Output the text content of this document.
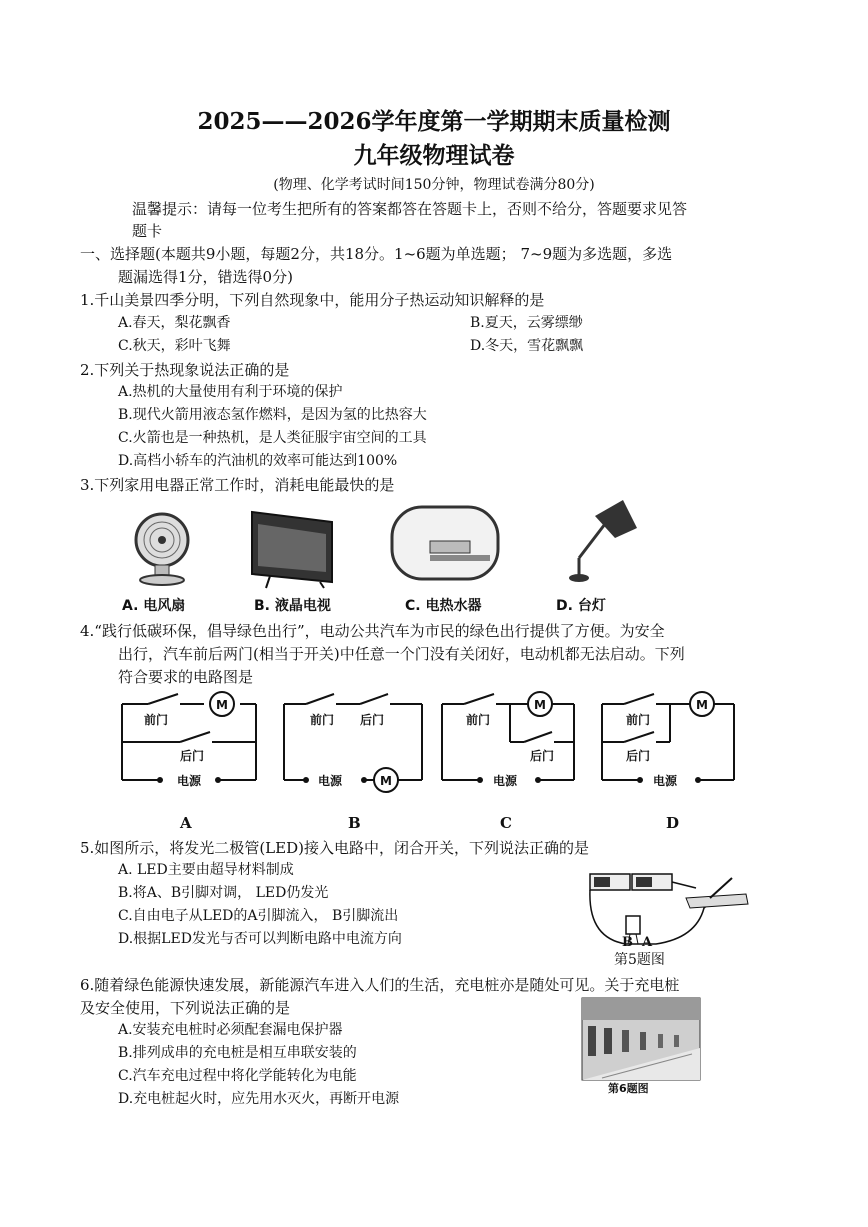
2025——2026学年度第一学期期末质量检测
九年级物理试卷
(物理、化学考试时间150分钟，物理试卷满分80分)
温馨提示：请每一位考生把所有的答案都答在答题卡上，否则不给分，答题要求见答
题卡
一、选择题(本题共9小题，每题2分，共18分。1~6题为单选题； 7~9题为多选题，多选
题漏选得1分，错选得0分)
1.千山美景四季分明，下列自然现象中，能用分子热运动知识解释的是
A.春天，梨花飘香	B.夏天，云雾缥缈
C.秋天，彩叶飞舞	D.冬天，雪花飘飘
2.下列关于热现象说法正确的是
A.热机的大量使用有利于环境的保护
B.现代火箭用液态氢作燃料，是因为氢的比热容大
C.火箭也是一种热机，是人类征服宇宙空间的工具
D.高档小轿车的汽油机的效率可能达到100%
3.下列家用电器正常工作时，消耗电能最快的是
A. 电风扇	B. 液晶电视	C. 电热水器	D. 台灯
4.“践行低碳环保，倡导绿色出行”，电动公共汽车为市民的绿色出行提供了方便。为安全
出行，汽车前后两门(相当于开关)中任意一个门没有关闭好，电动机都无法启动。下列
符合要求的电路图是
前门
后门
电源
M
前门 后门
电源	M
前门
后门
电源
M
前门
后门
电源
M
A	B	C	D
5.如图所示，将发光二极管(LED)接入电路中，闭合开关，下列说法正确的是
A. LED主要由超导材料制成
B.将A、B引脚对调， LED仍发光
C.自由电子从LED的A引脚流入， B引脚流出
D.根据LED发光与否可以判断电路中电流方向	B A
第5题图
6.随着绿色能源快速发展，新能源汽车进入人们的生活，充电桩亦是随处可见。关于充电桩
及安全使用，下列说法正确的是
A.安装充电桩时必须配套漏电保护器
B.排列成串的充电桩是相互串联安装的
C.汽车充电过程中将化学能转化为电能
D.充电桩起火时，应先用水灭火，再断开电源
第6题图
